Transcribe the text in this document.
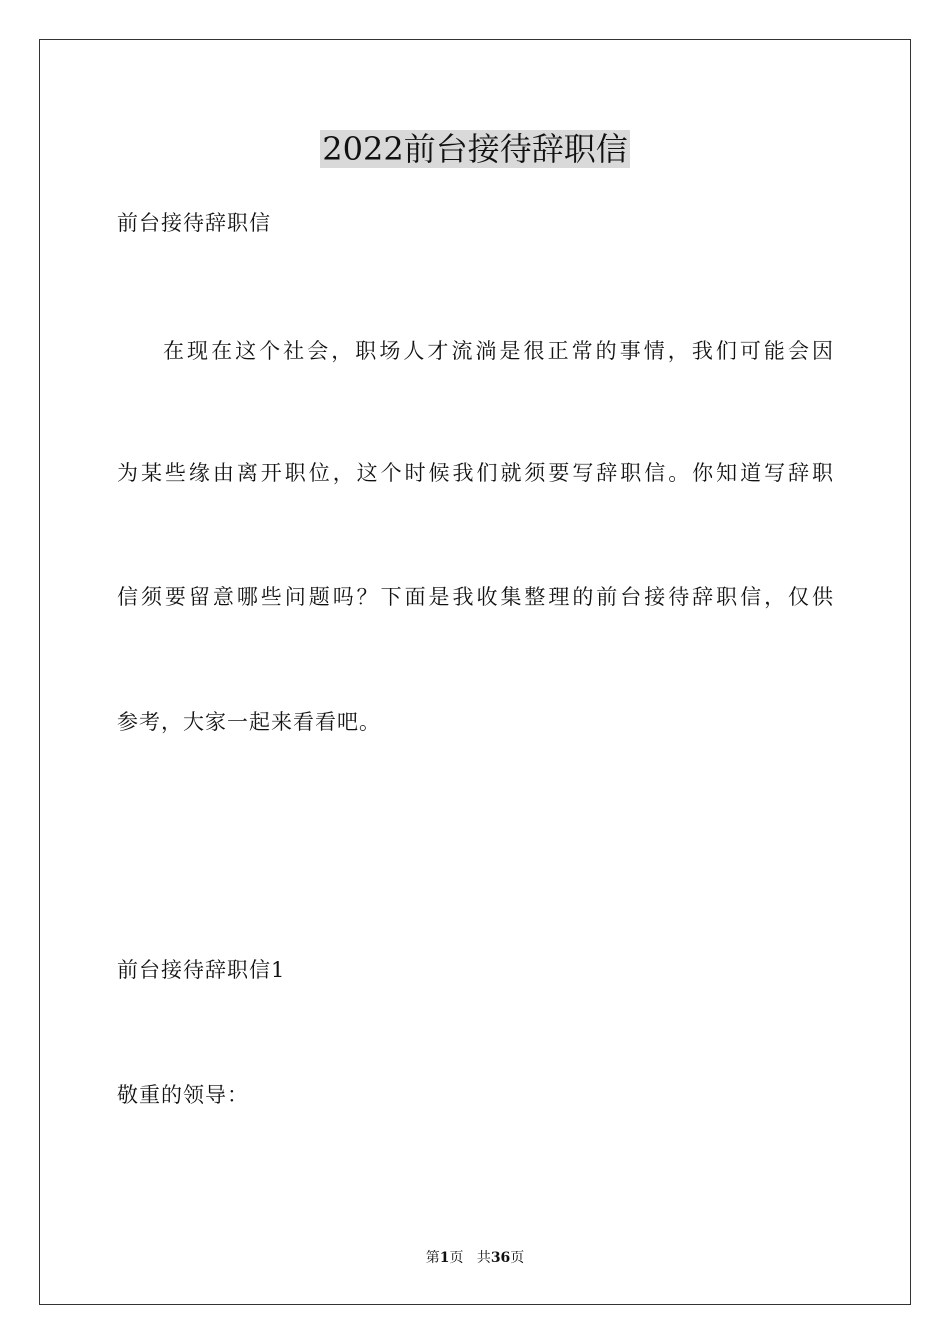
2022前台接待辞职信
前台接待辞职信
在现在这个社会，职场人才流淌是很正常的事情，我们可能会因
为某些缘由离开职位，这个时候我们就须要写辞职信。你知道写辞职
信须要留意哪些问题吗？下面是我收集整理的前台接待辞职信，仅供
参考，大家一起来看看吧。
前台接待辞职信1
敬重的领导：
第1页 共36页
